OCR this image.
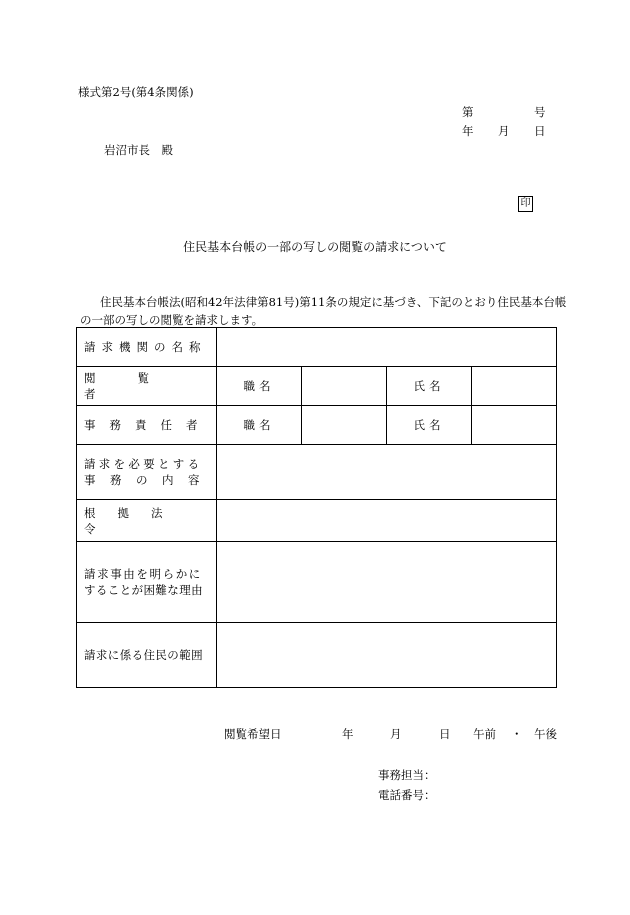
様式第2号(第4条関係)
第	号
年 月 日
岩沼市長　殿
印
住民基本台帳の一部の写しの閲覧の請求について

住民基本台帳法(昭和42年法律第81号)第11条の規定に基づき、下記のとおり住民基本台帳の一部の写しの閲覧を請求します。

請求機関の名称				

閲覧者	職名		氏名	

事務責任者	職名		氏名	

請求を必要とする
事務の内容				

根拠法令				

請求事由を明らかに
することが困難な理由				

請求に係る住民の範囲				

閲覧希望日	年	月	日 午前 ・ 午後
事務担当：
電話番号：
